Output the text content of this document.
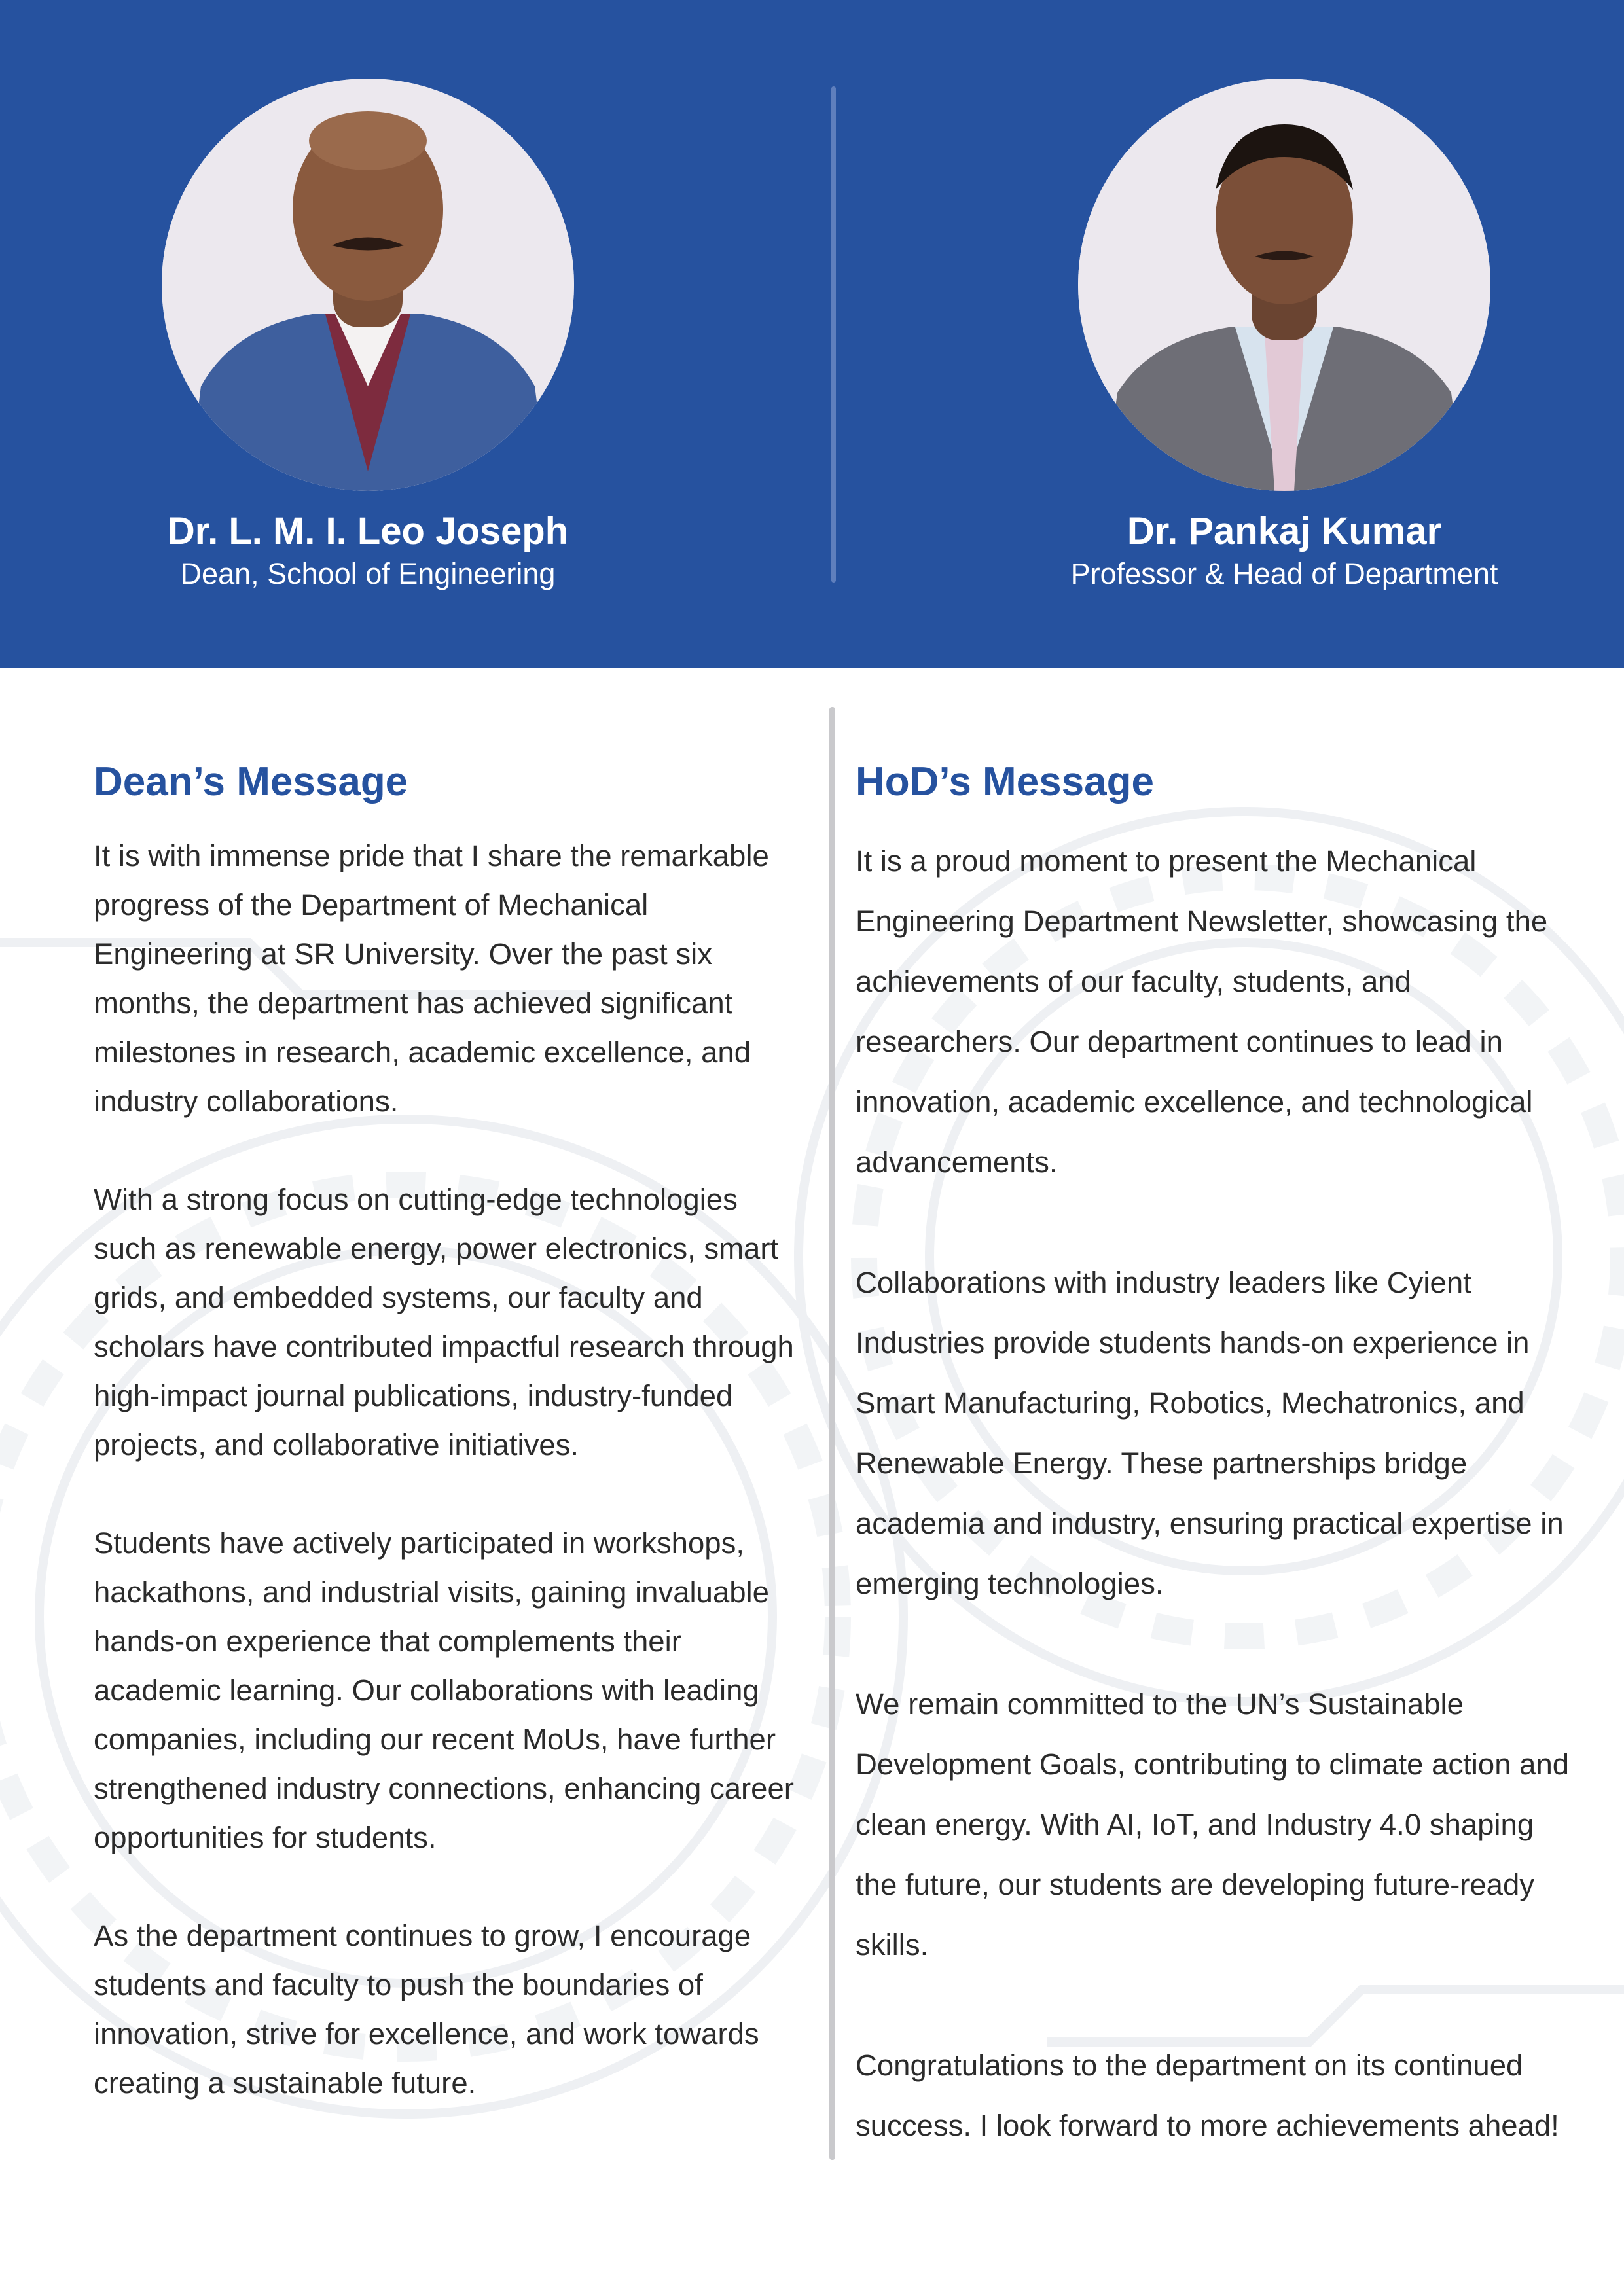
Dr. L. M. I. Leo Joseph
Dean, School of Engineering
Dr. Pankaj Kumar
Professor & Head of Department
Dean’s Message

It is with immense pride that I share the remarkable progress of the Department of Mechanical Engineering at SR University. Over the past six months, the department has achieved significant milestones in research, academic excellence, and industry collaborations.

With a strong focus on cutting-edge technologies such as renewable energy, power electronics, smart grids, and embedded systems, our faculty and scholars have contributed impactful research through high-impact journal publications, industry-funded projects, and collaborative initiatives.

Students have actively participated in workshops, hackathons, and industrial visits, gaining invaluable hands-on experience that complements their academic learning. Our collaborations with leading companies, including our recent MoUs, have further strengthened industry connections, enhancing career opportunities for students.

As the department continues to grow, I encourage students and faculty to push the boundaries of innovation, strive for excellence, and work towards creating a sustainable future.

HoD’s Message

It is a proud moment to present the Mechanical Engineering Department Newsletter, showcasing the achievements of our faculty, students, and researchers. Our department continues to lead in innovation, academic excellence, and technological advancements.

Collaborations with industry leaders like Cyient Industries provide students hands-on experience in Smart Manufacturing, Robotics, Mechatronics, and Renewable Energy. These partnerships bridge academia and industry, ensuring practical expertise in emerging technologies.

We remain committed to the UN’s Sustainable Development Goals, contributing to climate action and clean energy. With AI, IoT, and Industry 4.0 shaping the future, our students are developing future-ready skills.

Congratulations to the department on its continued success. I look forward to more achievements ahead!
